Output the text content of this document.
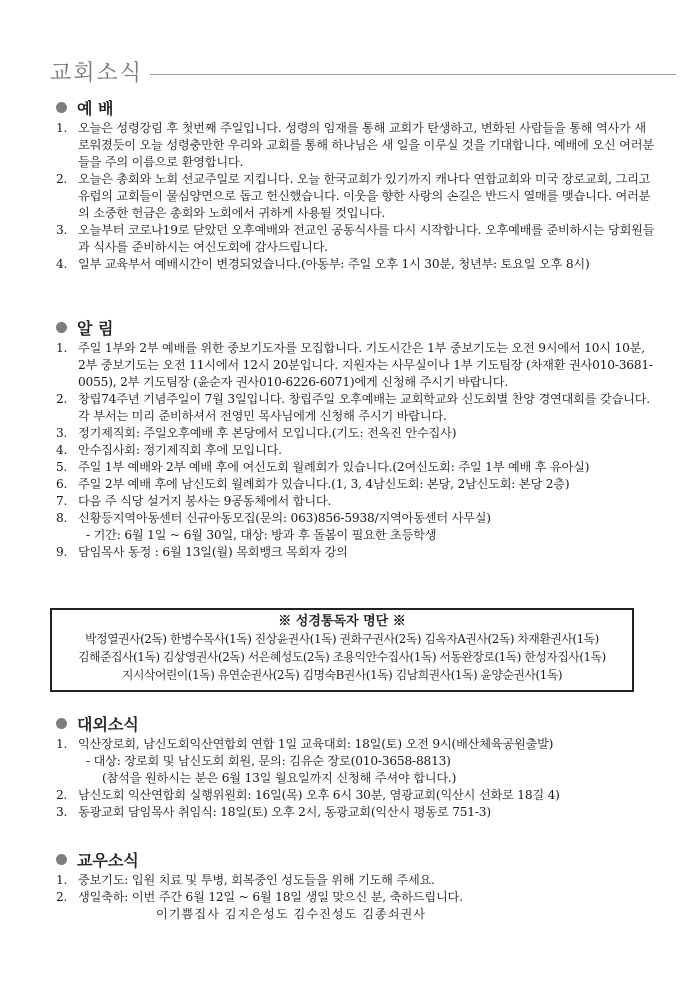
교회소식
예 배
1. 오늘은 성령강림 후 첫번째 주일입니다. 성령의 임재를 통해 교회가 탄생하고, 변화된 사람들을 통해 역사가 새로워졌듯이 오늘 성령충만한 우리와 교회를 통해 하나님은 새 일을 이루실 것을 기대합니다. 예배에 오신 여러분들을 주의 이름으로 환영합니다.
2. 오늘은 총회와 노회 선교주일로 지킵니다. 오늘 한국교회가 있기까지 캐나다 연합교회와 미국 장로교회, 그리고 유럽의 교회들이 물심양면으로 돕고 헌신했습니다. 이웃을 향한 사랑의 손길은 반드시 열매를 맺습니다. 여러분의 소중한 헌금은 총회와 노회에서 귀하게 사용될 것입니다.
3. 오늘부터 코로나19로 닫았던 오후예배와 전교인 공동식사를 다시 시작합니다. 오후예배를 준비하시는 당회원들과 식사를 준비하시는 여신도회에 감사드립니다.
4. 일부 교육부서 예배시간이 변경되었습니다.(아동부: 주일 오후 1시 30분, 청년부: 토요일 오후 8시)
알 림
1. 주일 1부와 2부 예배를 위한 중보기도자를 모집합니다. 기도시간은 1부 중보기도는 오전 9시에서 10시 10분, 2부 중보기도는 오전 11시에서 12시 20분입니다. 지원자는 사무실이나 1부 기도팀장 (차재환 권사010-3681-0055), 2부 기도팀장 (윤순자 권사010-6226-6071)에게 신청해 주시기 바랍니다.
2. 창립74주년 기념주일이 7월 3일입니다. 창립주일 오후예배는 교회학교와 신도회별 찬양 경연대회를 갖습니다. 각 부서는 미리 준비하셔서 전영민 목사님에게 신청해 주시기 바랍니다.
3. 정기제직회: 주일오후예배 후 본당에서 모입니다.(기도: 전옥진 안수집사)
4. 안수집사회: 정기제직회 후에 모입니다.
5. 주일 1부 예배와 2부 예배 후에 여신도회 월례회가 있습니다.(2여신도회: 주일 1부 예배 후 유아실)
6. 주일 2부 예배 후에 남신도회 월례회가 있습니다.(1, 3, 4남신도회: 본당, 2남신도회: 본당 2층)
7. 다음 주 식당 설거지 봉사는 9공동체에서 합니다.
8. 신황등지역아동센터 신규아동모집(문의: 063)856-5938/지역아동센터 사무실)
- 기간: 6월 1일 ~ 6월 30일, 대상: 방과 후 돌봄이 필요한 초등학생
9. 담임목사 동정 : 6월 13일(월) 목회뱅크 목회자 강의
※ 성경통독자 명단 ※
박정열권사(2독) 한병수목사(1독) 진상윤권사(1독) 권화구권사(2독) 김옥자A권사(2독) 차재환권사(1독)
김해준집사(1독) 김상영권사(2독) 서은혜성도(2독) 조용익안수집사(1독) 서동완장로(1독) 한성자집사(1독)
지시삭어린이(1독) 유연순권사(2독) 김명숙B권사(1독) 김남희권사(1독) 윤양순권사(1독)
대외소식
1. 익산장로회, 남신도회익산연합회 연합 1일 교육대회: 18일(토) 오전 9시(배산체육공원출발)
- 대상: 장로회 및 남신도회 회원, 문의: 김유순 장로(010-3658-8813)
(참석을 원하시는 분은 6월 13일 월요일까지 신청해 주셔야 합니다.)
2. 남신도회 익산연합회 실행위원회: 16일(목) 오후 6시 30분, 염광교회(익산시 선화로 18길 4)
3. 동광교회 담임목사 취임식: 18일(토) 오후 2시, 동광교회(익산시 평동로 751-3)
교우소식
1. 중보기도: 입원 치료 및 투병, 회복중인 성도들을 위해 기도해 주세요.
2. 생일축하: 이번 주간 6월 12일 ~ 6월 18일 생일 맞으신 분, 축하드립니다.
이기쁨집사 김지은성도 김수진성도 김종쇠권사
